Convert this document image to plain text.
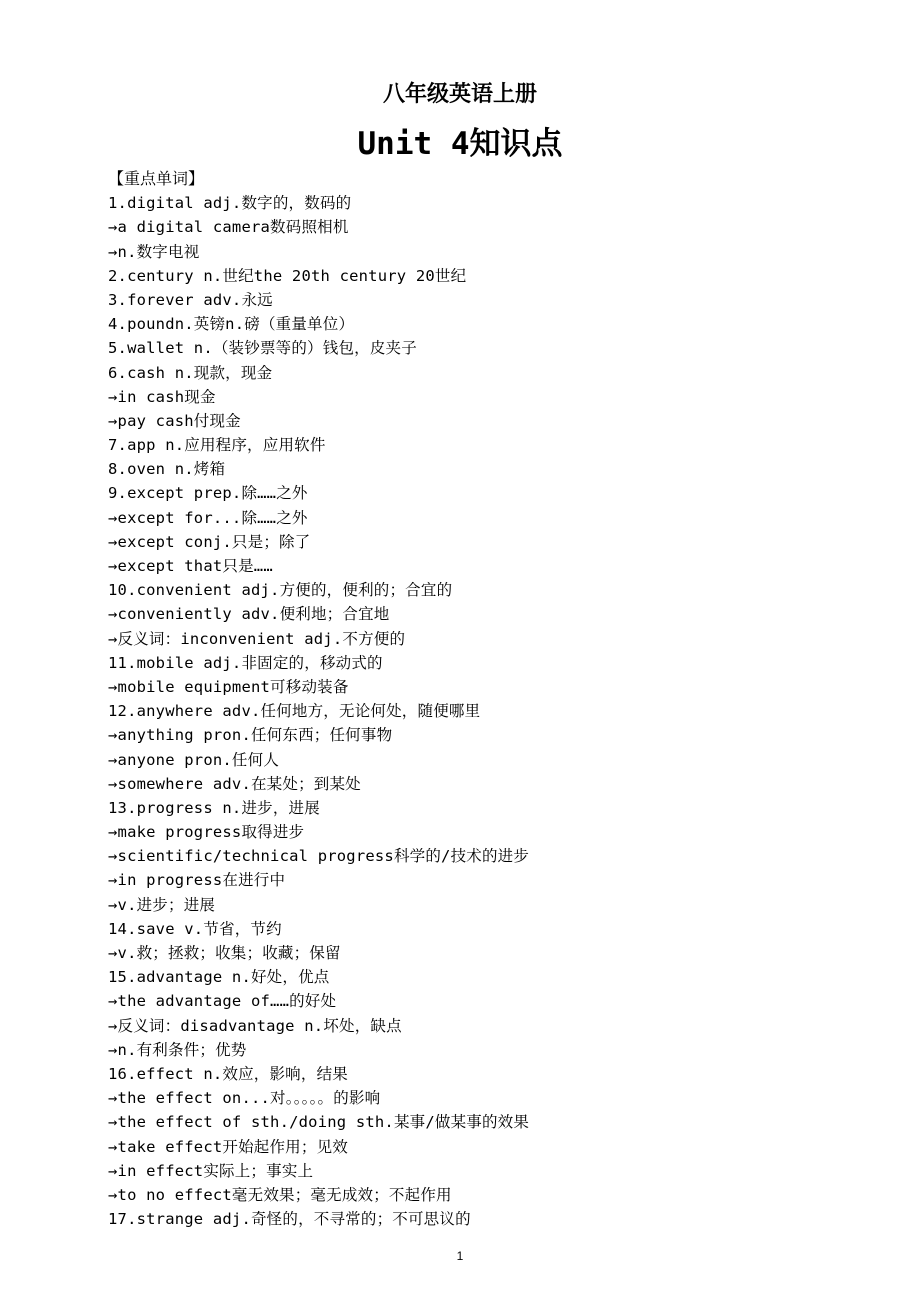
八年级英语上册
Unit 4知识点
【重点单词】
1.digital adj.数字的，数码的
→a digital camera数码照相机
→n.数字电视
2.century n.世纪the 20th century 20世纪
3.forever adv.永远
4.poundn.英镑n.磅（重量单位）
5.wallet n.（装钞票等的）钱包，皮夹子
6.cash n.现款，现金
→in cash现金
→pay cash付现金
7.app n.应用程序，应用软件
8.oven n.烤箱
9.except prep.除……之外
→except for...除……之外
→except conj.只是；除了
→except that只是……
10.convenient adj.方便的，便利的；合宜的
→conveniently adv.便利地；合宜地
→反义词：inconvenient adj.不方便的
11.mobile adj.非固定的，移动式的
→mobile equipment可移动装备
12.anywhere adv.任何地方，无论何处，随便哪里
→anything pron.任何东西；任何事物
→anyone pron.任何人
→somewhere adv.在某处；到某处
13.progress n.进步，进展
→make progress取得进步
→scientific/technical progress科学的/技术的进步
→in progress在进行中
→v.进步；进展
14.save v.节省，节约
→v.救；拯救；收集；收藏；保留
15.advantage n.好处，优点
→the advantage of……的好处
→反义词：disadvantage n.坏处，缺点
→n.有利条件；优势
16.effect n.效应，影响，结果
→the effect on...对。。。。。的影响
→the effect of sth./doing sth.某事/做某事的效果
→take effect开始起作用；见效
→in effect实际上；事实上
→to no effect毫无效果；毫无成效；不起作用
17.strange adj.奇怪的，不寻常的；不可思议的
1
